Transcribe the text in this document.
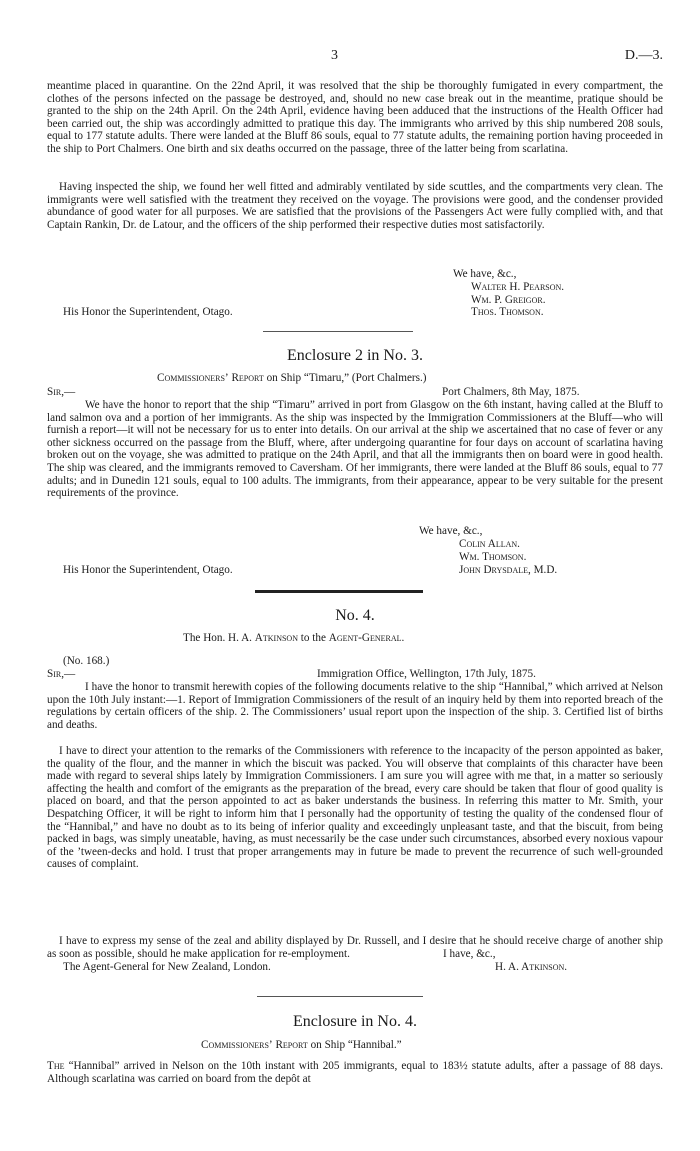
3	D.—3.

meantime placed in quarantine. On the 22nd April, it was resolved that the ship be thoroughly fumigated in every compartment, the clothes of the persons infected on the passage be destroyed, and, should no new case break out in the meantime, pratique should be granted to the ship on the 24th April. On the 24th April, evidence having been adduced that the instructions of the Health Officer had been carried out, the ship was accordingly admitted to pratique this day. The immigrants who arrived by this ship numbered 208 souls, equal to 177 statute adults. There were landed at the Bluff 86 souls, equal to 77 statute adults, the remaining portion having proceeded in the ship to Port Chalmers. One birth and six deaths occurred on the passage, three of the latter being from scarlatina.

Having inspected the ship, we found her well fitted and admirably ventilated by side scuttles, and the compartments very clean. The immigrants were well satisfied with the treatment they received on the voyage. The provisions were good, and the condenser provided abundance of good water for all purposes. We are satisfied that the provisions of the Passengers Act were fully complied with, and that Captain Rankin, Dr. de Latour, and the officers of the ship performed their respective duties most satisfactorily.

We have, &c.,
Walter H. Pearson.
Wm. P. Greigor.
His Honor the Superintendent, Otago.	Thos. Thomson.
Enclosure 2 in No. 3.
Commissioners’ Report on Ship “Timaru,” (Port Chalmers.)
Sir,—	Port Chalmers, 8th May, 1875.

We have the honor to report that the ship “Timaru” arrived in port from Glasgow on the 6th instant, having called at the Bluff to land salmon ova and a portion of her immigrants. As the ship was inspected by the Immigration Commissioners at the Bluff—who will furnish a report—it will not be necessary for us to enter into details. On our arrival at the ship we ascertained that no case of fever or any other sickness occurred on the passage from the Bluff, where, after undergoing quarantine for four days on account of scarlatina having broken out on the voyage, she was admitted to pratique on the 24th April, and that all the immigrants then on board were in good health. The ship was cleared, and the immigrants removed to Caversham. Of her immigrants, there were landed at the Bluff 86 souls, equal to 77 adults; and in Dunedin 121 souls, equal to 100 adults. The immigrants, from their appearance, appear to be very suitable for the present requirements of the province.

We have, &c.,
Colin Allan.
Wm. Thomson.
His Honor the Superintendent, Otago.	John Drysdale, M.D.
No. 4.
The Hon. H. A. Atkinson to the Agent-General.
(No. 168.)
Sir,—	Immigration Office, Wellington, 17th July, 1875.

I have the honor to transmit herewith copies of the following documents relative to the ship “Hannibal,” which arrived at Nelson upon the 10th July instant:—1. Report of Immigration Commissioners of the result of an inquiry held by them into reported breach of the regulations by certain officers of the ship. 2. The Commissioners’ usual report upon the inspection of the ship. 3. Certified list of births and deaths.

I have to direct your attention to the remarks of the Commissioners with reference to the incapacity of the person appointed as baker, the quality of the flour, and the manner in which the biscuit was packed. You will observe that complaints of this character have been made with regard to several ships lately by Immigration Commissioners. I am sure you will agree with me that, in a matter so seriously affecting the health and comfort of the emigrants as the preparation of the bread, every care should be taken that flour of good quality is placed on board, and that the person appointed to act as baker understands the business. In referring this matter to Mr. Smith, your Despatching Officer, it will be right to inform him that I personally had the opportunity of testing the quality of the condensed flour of the “Hannibal,” and have no doubt as to its being of inferior quality and exceedingly unpleasant taste, and that the biscuit, from being packed in bags, was simply uneatable, having, as must necessarily be the case under such circumstances, absorbed every noxious vapour of the ’tween-decks and hold. I trust that proper arrangements may in future be made to prevent the recurrence of such well-grounded causes of complaint.

I have to express my sense of the zeal and ability displayed by Dr. Russell, and I desire that he should receive charge of another ship as soon as possible, should he make application for re-employment.	I have, &c.,
The Agent-General for New Zealand, London.	H. A. Atkinson.
Enclosure in No. 4.
Commissioners’ Report on Ship “Hannibal.”

The “Hannibal” arrived in Nelson on the 10th instant with 205 immigrants, equal to 183½ statute adults, after a passage of 88 days. Although scarlatina was carried on board from the depôt at
